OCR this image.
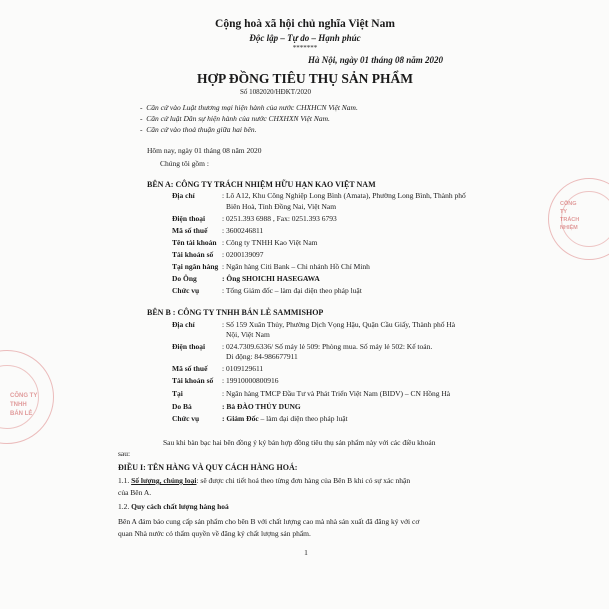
Cộng hoà xã hội chủ nghĩa Việt Nam
Độc lập – Tự do – Hạnh phúc
*******
Hà Nội, ngày 01 tháng 08 năm 2020
HỢP ĐỒNG TIÊU THỤ SẢN PHẨM
Số 1082020/HĐKT/2020
-  Căn cứ vào Luật thương mại hiện hành của nước CHXHCN Việt Nam.
-  Căn cứ luật Dân sự hiện hành của nước CHXHXN Việt Nam.
-  Căn cứ vào thoả thuận giữa hai bên.
Hôm nay, ngày 01 tháng 08 năm 2020
Chúng tôi gồm :
BÊN A: CÔNG TY TRÁCH NHIỆM HỮU HẠN KAO VIỆT NAM
Địa chỉ	: Lô A12, Khu Công Nghiệp Long Bình (Amata), Phường Long Bình, Thành phố
Biên Hoà, Tỉnh Đồng Nai, Việt Nam
Điện thoại : 0251.393 6988 , Fax: 0251.393 6793
Mã số thuế : 3600246811
Tên tài khoản : Công ty TNHH Kao Việt Nam
Tài khoản số : 0200139097
Tại ngân hàng : Ngân hàng Citi Bank – Chi nhánh Hồ Chí Minh
Do Ông	: Ông SHOICHI HASEGAWA
Chức vụ	: Tổng Giám đốc – làm đại diện theo pháp luật
BÊN B : CÔNG TY TNHH BÁN LẺ SAMMISHOP
Địa chỉ	: Số 159 Xuân Thủy, Phường Dịch Vọng Hậu, Quận Cầu Giấy, Thành phố Hà
Nội, Việt Nam
Điện thoại : 024.7309.6336/ Số máy lẻ 509: Phòng mua. Số máy lẻ 502: Kế toán.
Di động: 84-986677911
Mã số thuế : 0109129611
Tài khoản số : 19910000800916
Tại	: Ngân hàng TMCP Đầu Tư và Phát Triển Việt Nam (BIDV) – CN Hồng Hà
Do Bà	: Bà ĐÀO THỦY DUNG
Chức vụ	: Giám Đốc – làm đại diện theo pháp luật
Sau khi bàn bạc hai bên đồng ý ký bản hợp đồng tiêu thụ sản phẩm này với các điều khoản
sau:
ĐIỀU I: TÊN HÀNG VÀ QUY CÁCH HÀNG HOÁ:
1.1. Số lượng, chủng loại: sẽ được chi tiết hoá theo từng đơn hàng của Bên B khi có sự xác nhận
của Bên A.
1.2. Quy cách chất lượng hàng hoá
Bên A đảm bảo cung cấp sản phẩm cho bên B với chất lượng cao mà nhà sản xuất đã đăng ký với cơ
quan Nhà nước có thẩm quyền về đăng ký chất lượng sản phẩm.
1
CÔNG TY
TNHH
BÁN LẺ
CÔNG
TY
TRÁCH
NHIỆM
